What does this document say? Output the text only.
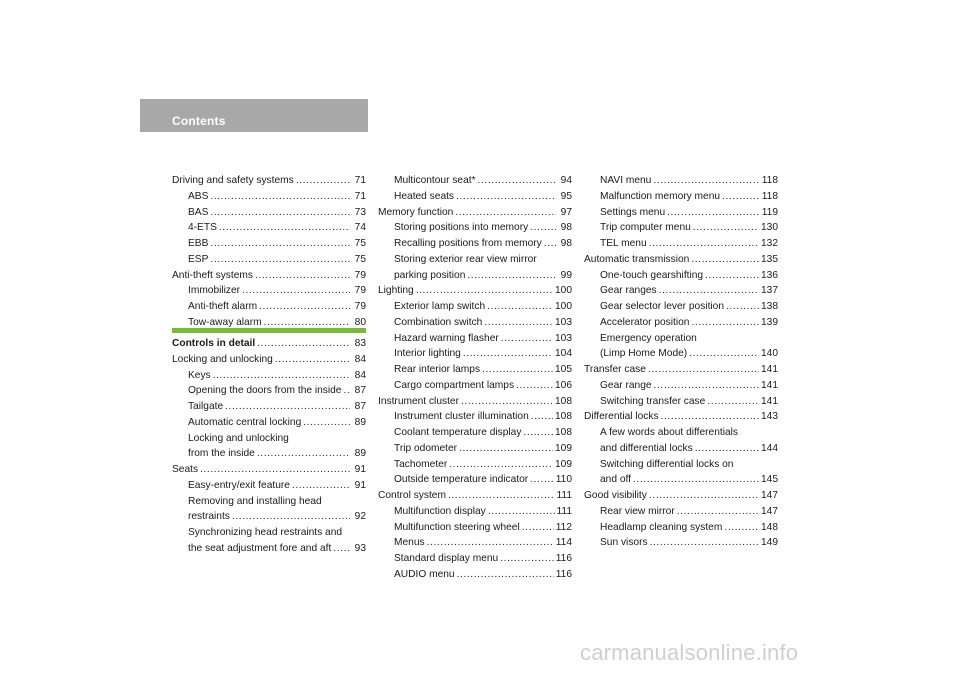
Contents
Driving and safety systems .....	71
ABS .....	71
BAS .....	73
4-ETS .....	74
EBB .....	75
ESP .....	75
Anti-theft systems .....	79
Immobilizer .....	79
Anti-theft alarm .....	79
Tow-away alarm .....	80
Controls in detail .....	83
Locking and unlocking .....	84
Keys .....	84
Opening the doors from the inside ..... 87
Tailgate .....	87
Automatic central locking .....	89
Locking and unlocking
from the inside .....	89
Seats .....	91
Easy-entry/exit feature .....	91
Removing and installing head
restraints .....	92
Synchronizing head restraints and
the seat adjustment fore and aft ..... 93
Multicontour seat* .....	94
Heated seats .....	95
Memory function .....	97
Storing positions into memory .....	98
Recalling positions from memory ..... 98
Storing exterior rear view mirror
parking position .....	99
Lighting .....	100
Exterior lamp switch .....	100
Combination switch .....	103
Hazard warning flasher .....	103
Interior lighting .....	104
Rear interior lamps .....	105
Cargo compartment lamps .....	106
Instrument cluster .....	108
Instrument cluster illumination .....	108
Coolant temperature display .....	108
Trip odometer .....	109
Tachometer .....	109
Outside temperature indicator .....	110
Control system .....	111
Multifunction display .....	111
Multifunction steering wheel .....	112
Menus .....	114
Standard display menu .....	116
AUDIO menu .....	116
NAVI menu .....	118
Malfunction memory menu .....	118
Settings menu .....	119
Trip computer menu .....	130
TEL menu .....	132
Automatic transmission .....	135
One-touch gearshifting .....	136
Gear ranges .....	137
Gear selector lever position .....	138
Accelerator position .....	139
Emergency operation
(Limp Home Mode) .....	140
Transfer case .....	141
Gear range .....	141
Switching transfer case .....	141
Differential locks .....	143
A few words about differentials
and differential locks .....	144
Switching differential locks on
and off .....	145
Good visibility .....	147
Rear view mirror .....	147
Headlamp cleaning system .....	148
Sun visors .....	149
carmanualsonline.info
